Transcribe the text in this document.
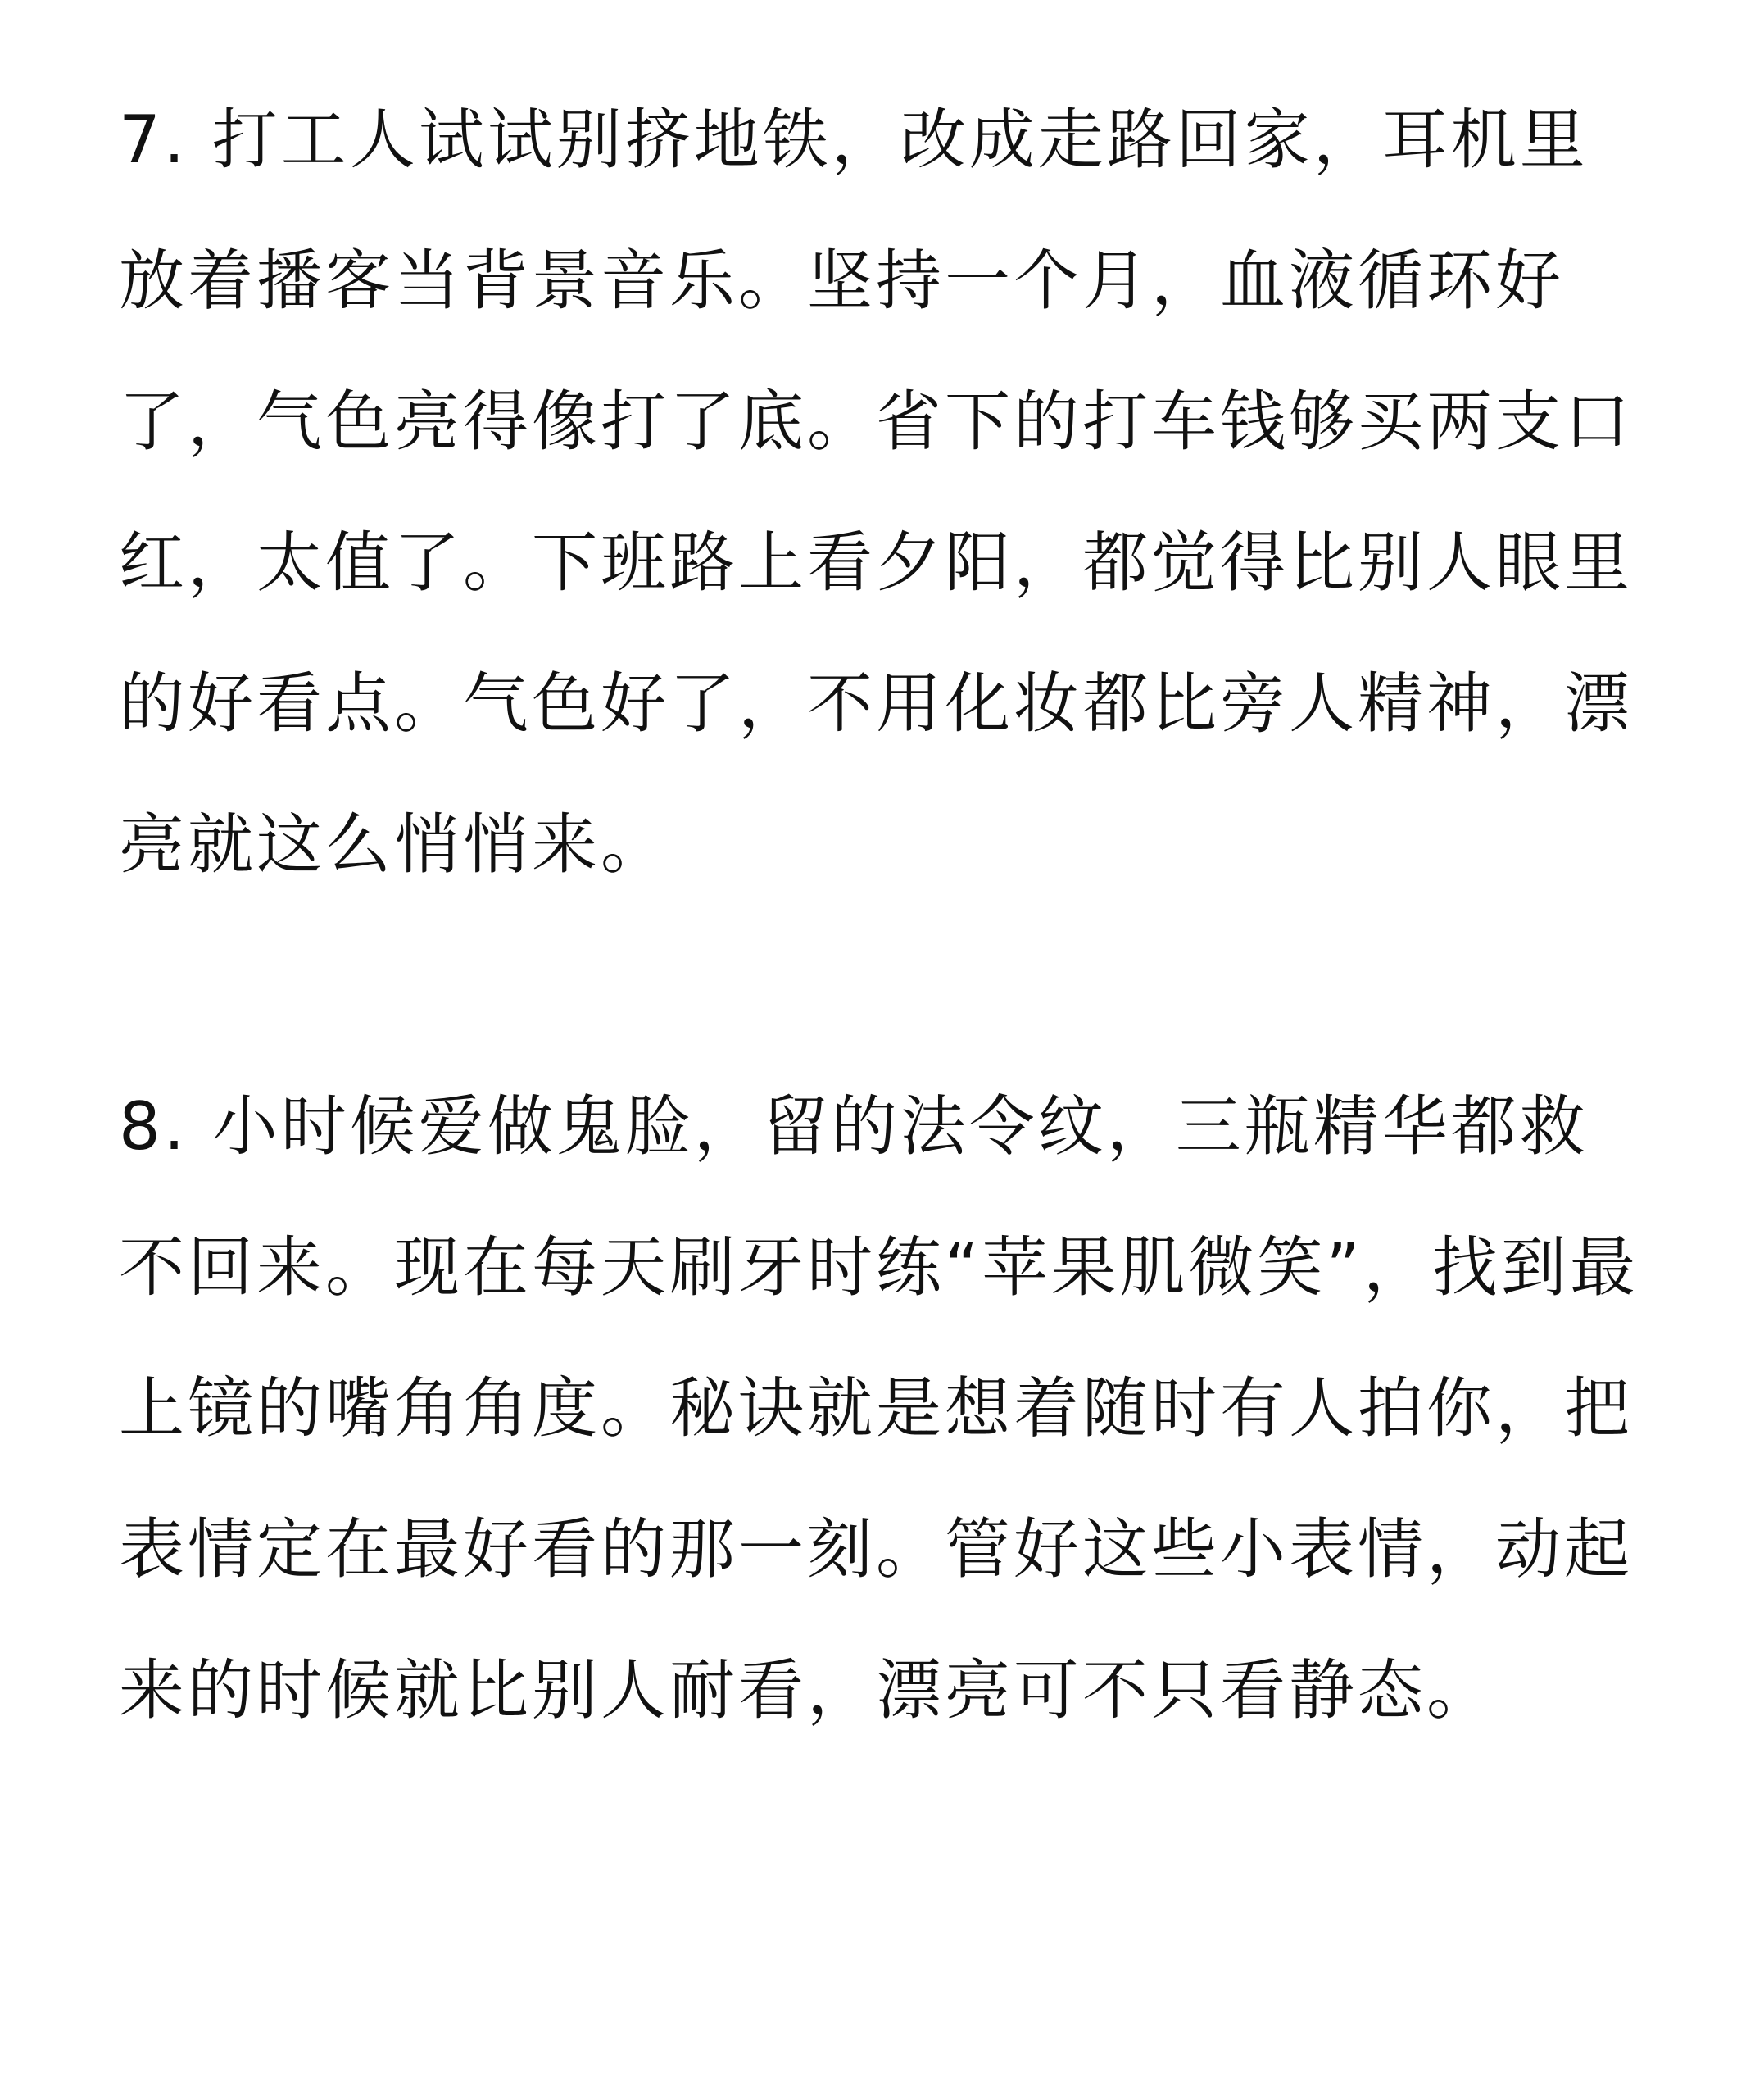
7. 打工人试试别挤地铁，改成走路回家，耳机里放着播客当背景音乐。坚持一个月，血液循环好了，气色亮得像打了底。省下的打车钱够买两支口红，太值了。下班路上看夕阳，都觉得比别人眼里的好看点。气色好了，不用化妆都比旁人精神，漂亮就这么悄悄来。

8. 小时候爱做鬼脸，留的法令纹，三瓶精华都救不回来。现在每天刷牙时练“苹果肌微笑”，找到最上镜的嘴角角度。秘诀就是想着随时有人拍你，把表情定在最好看的那一刻。管好这些小表情，动起来的时候就比别人耐看，漂亮可不只看静态。
